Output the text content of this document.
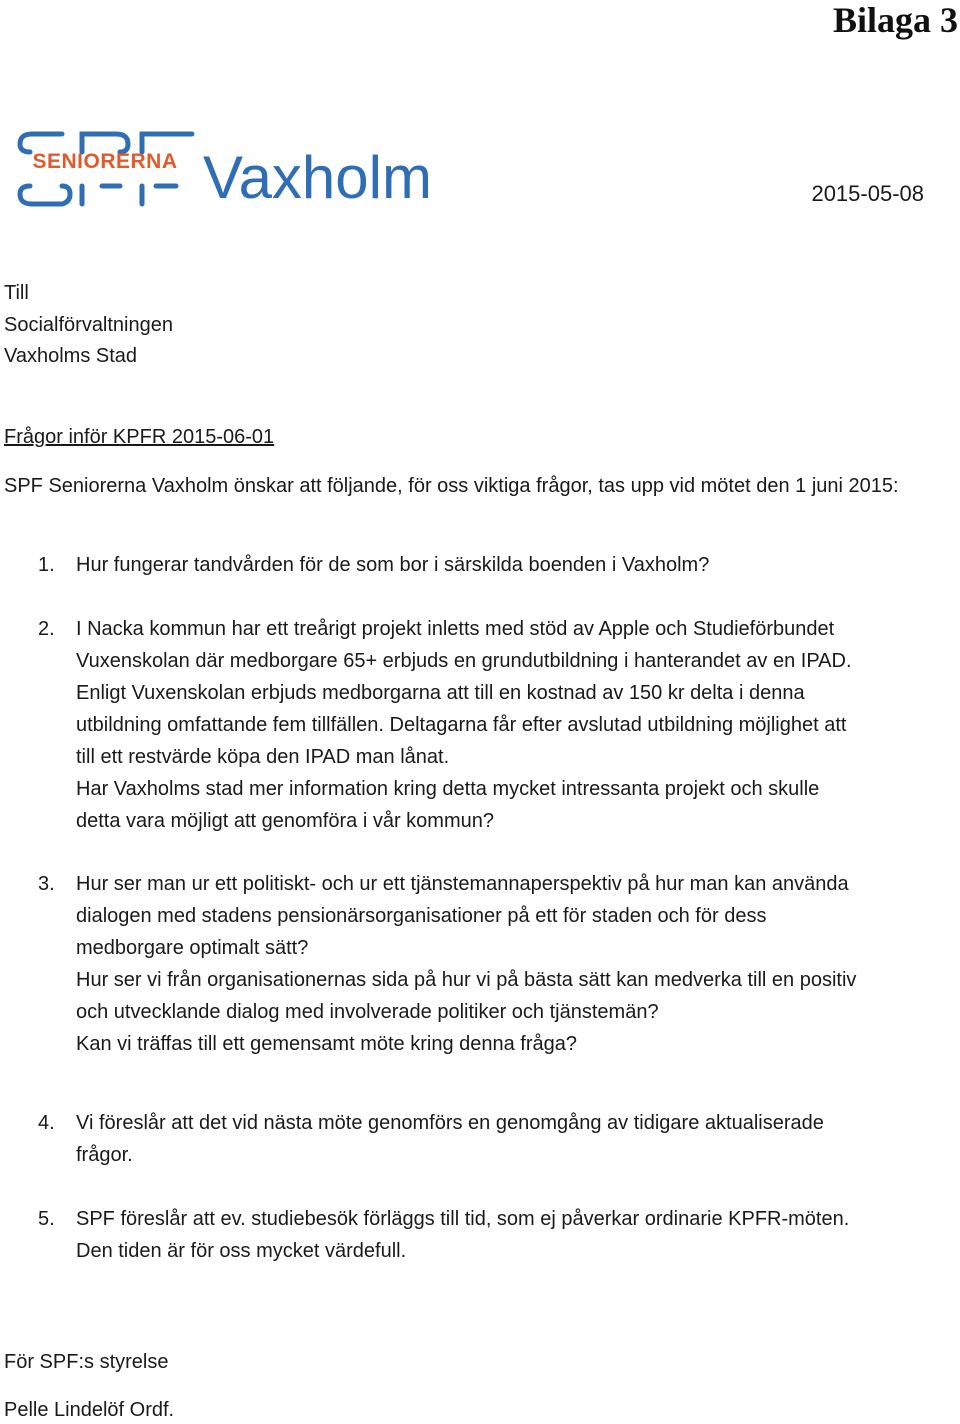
Bilaga 3
SENIORERNA Vaxholm	2015-05-08
Till
Socialförvaltningen
Vaxholms Stad
Frågor inför KPFR 2015-06-01
SPF Seniorerna Vaxholm önskar att följande, för oss viktiga frågor, tas upp vid mötet den 1 juni 2015:
1. Hur fungerar tandvården för de som bor i särskilda boenden i Vaxholm?
2. I Nacka kommun har ett treårigt projekt inletts med stöd av Apple och Studieförbundet
Vuxenskolan där medborgare 65+ erbjuds en grundutbildning i hanterandet av en IPAD.
Enligt Vuxenskolan erbjuds medborgarna att till en kostnad av 150 kr delta i denna
utbildning omfattande fem tillfällen. Deltagarna får efter avslutad utbildning möjlighet att
till ett restvärde köpa den IPAD man lånat.
Har Vaxholms stad mer information kring detta mycket intressanta projekt och skulle
detta vara möjligt att genomföra i vår kommun?
3. Hur ser man ur ett politiskt- och ur ett tjänstemannaperspektiv på hur man kan använda
dialogen med stadens pensionärsorganisationer på ett för staden och för dess
medborgare optimalt sätt?
Hur ser vi från organisationernas sida på hur vi på bästa sätt kan medverka till en positiv
och utvecklande dialog med involverade politiker och tjänstemän?
Kan vi träffas till ett gemensamt möte kring denna fråga?
4. Vi föreslår att det vid nästa möte genomförs en genomgång av tidigare aktualiserade
frågor.
5. SPF föreslår att ev. studiebesök förläggs till tid, som ej påverkar ordinarie KPFR-möten.
Den tiden är för oss mycket värdefull.
För SPF:s styrelse
Pelle Lindelöf Ordf.
